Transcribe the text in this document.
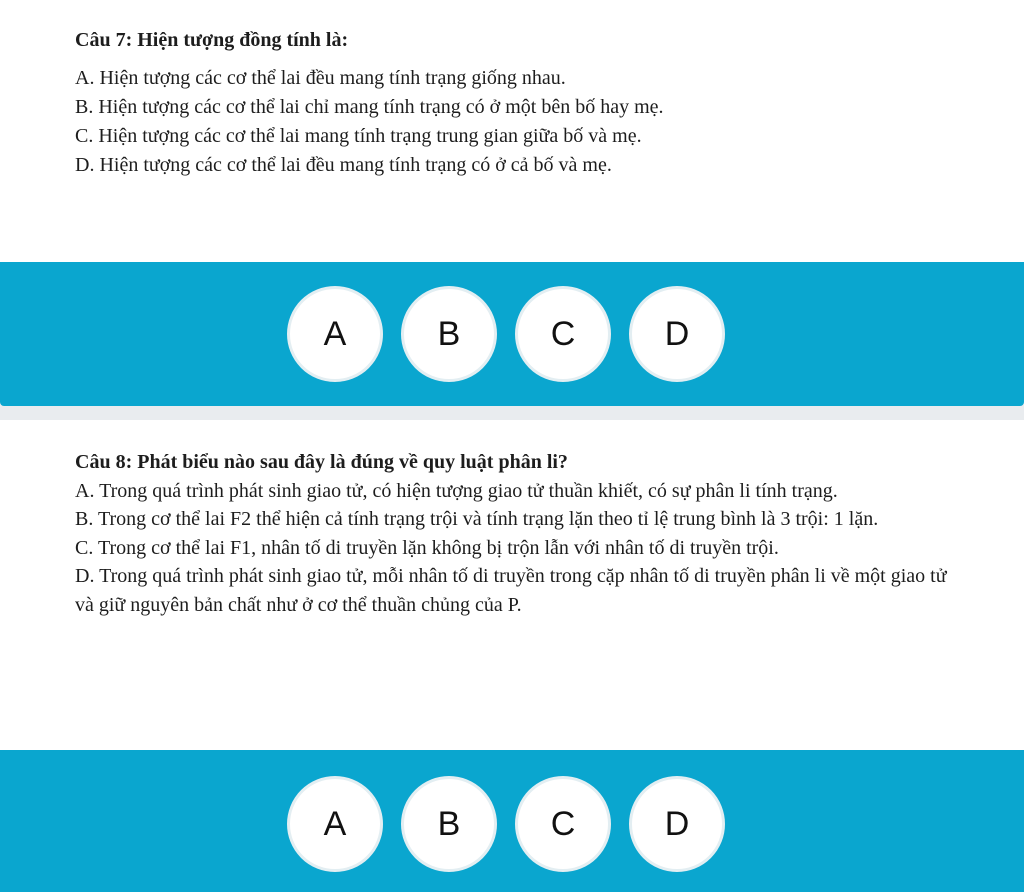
Câu 7: Hiện tượng đồng tính là:
A. Hiện tượng các cơ thể lai đều mang tính trạng giống nhau.
B. Hiện tượng các cơ thể lai chỉ mang tính trạng có ở một bên bố hay mẹ.
C. Hiện tượng các cơ thể lai mang tính trạng trung gian giữa bố và mẹ.
D. Hiện tượng các cơ thể lai đều mang tính trạng có ở cả bố và mẹ.
A	B	C	D
Câu 8: Phát biểu nào sau đây là đúng về quy luật phân li?
A. Trong quá trình phát sinh giao tử, có hiện tượng giao tử thuần khiết, có sự phân li tính trạng.
B. Trong cơ thể lai F2 thể hiện cả tính trạng trội và tính trạng lặn theo tỉ lệ trung bình là 3 trội: 1 lặn.
C. Trong cơ thể lai F1, nhân tố di truyền lặn không bị trộn lẫn với nhân tố di truyền trội.
D. Trong quá trình phát sinh giao tử, mỗi nhân tố di truyền trong cặp nhân tố di truyền phân li về một giao tử và giữ nguyên bản chất như ở cơ thể thuần chủng của P.
A	B	C	D
